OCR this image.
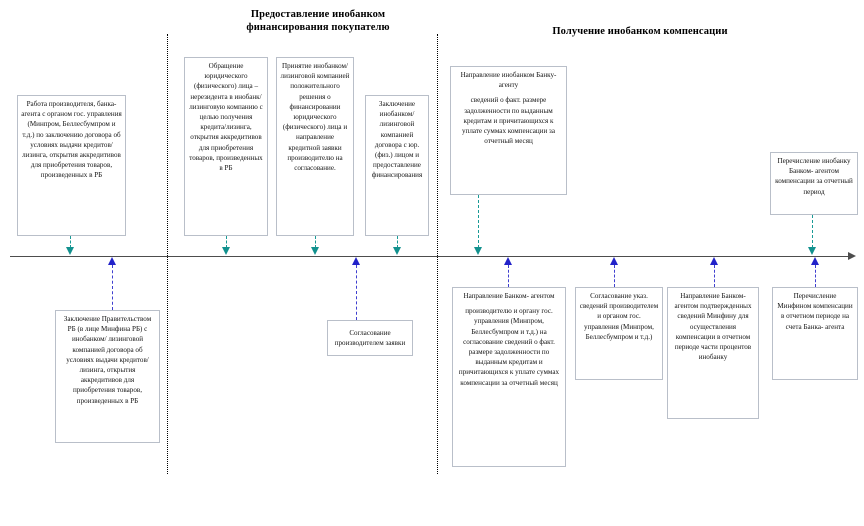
Предоставление инобанком
финансирования покупателю	Получение инобанком компенсации

Работа производителя, банка-агента с органом гос. управления (Минпром, Беллесбумпром и т.д.) по заключению договора об условиях выдачи кредитов/лизинга, открытия аккредитивов для приобретения товаров, произведенных в РБ

Обращение юридического (физического) лица – нерезидента в инобанк/ лизинговую компанию с целью получения кредита/лизинга, открытия аккредитивов для приобретения товаров, произведенных в РБ

Принятие инобанком/ лизинговой компанией положительного решения о финансировании юридического (физического) лица и направление кредитной заявки производителю на согласование.

Заключение инобанком/ лизинговой компанией договора с юр. (физ.) лицом и предоставление финансирования

Направление инобанком Банку- агенту

сведений о факт. размере задолженности по выданным кредитам и причитающихся к уплате суммах компенсации за отчетный месяц

Перечисление инобанку Банком- агентом компенсации за отчетный период

Заключение Правительством РБ (в лице Минфина РБ) с инобанком/ лизинговой компанией договора об условиях выдачи кредитов/лизинга, открытия аккредитивов для приобретения товаров, произведенных в РБ

Согласование производителем заявки

Направление Банком- агентом

производителю и органу гос. управления (Минпром, Беллесбумпром и т.д.) на согласование сведений о факт. размере задолженности по выданным кредитам и причитающихся к уплате суммах компенсации за отчетный месяц

Согласование указ. сведений производителем и органом гос. управления (Минпром, Беллесбумпром и т.д.)

Направление Банком- агентом подтвержденных сведений Минфину для осуществления компенсации в отчетном периоде части процентов инобанку

Перечисление Минфином компенсации в отчетном периоде на счета Банка- агента
